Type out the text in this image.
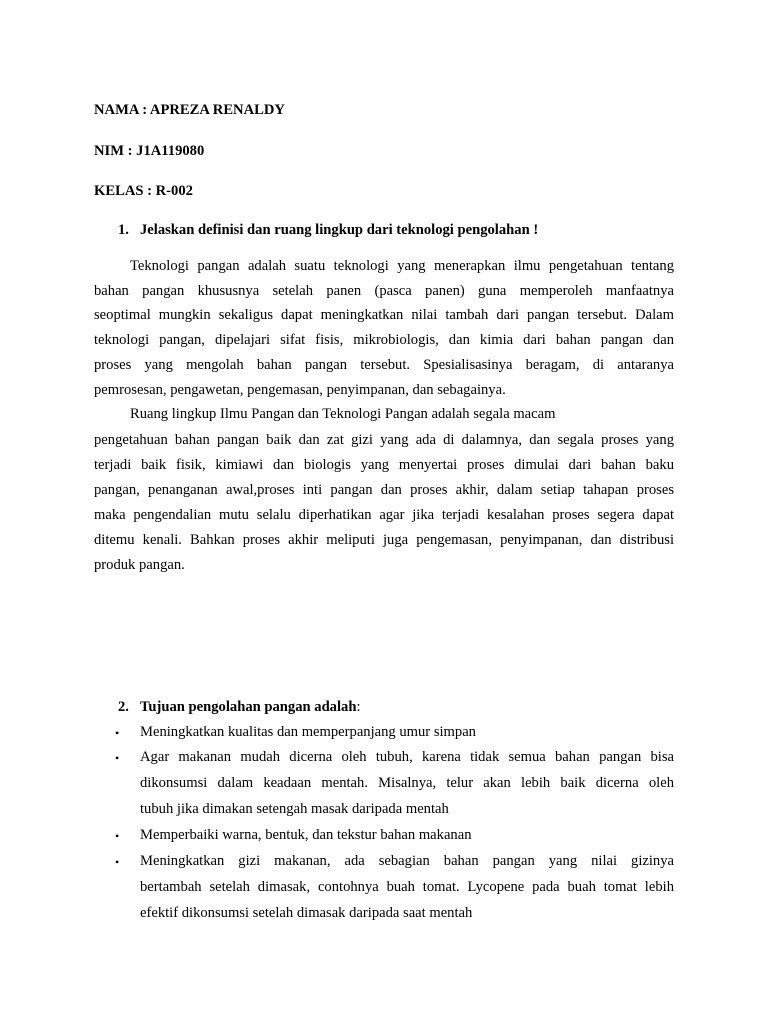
NAMA : APREZA RENALDY
NIM : J1A119080
KELAS : R-002
1. Jelaskan definisi dan ruang lingkup dari teknologi pengolahan !
Teknologi pangan adalah suatu teknologi yang menerapkan ilmu pengetahuan tentang
bahan pangan khususnya setelah panen (pasca panen) guna memperoleh manfaatnya
seoptimal mungkin sekaligus dapat meningkatkan nilai tambah dari pangan tersebut. Dalam
teknologi pangan, dipelajari sifat fisis, mikrobiologis, dan kimia dari bahan pangan dan
proses yang mengolah bahan pangan tersebut. Spesialisasinya beragam, di antaranya
pemrosesan, pengawetan, pengemasan, penyimpanan, dan sebagainya.
Ruang lingkup Ilmu Pangan dan Teknologi Pangan adalah segala macam
pengetahuan bahan pangan baik dan zat gizi yang ada di dalamnya, dan segala proses yang
terjadi baik fisik, kimiawi dan biologis yang menyertai proses dimulai dari bahan baku
pangan, penanganan awal,proses inti pangan dan proses akhir, dalam setiap tahapan proses
maka pengendalian mutu selalu diperhatikan agar jika terjadi kesalahan proses segera dapat
ditemu kenali. Bahkan proses akhir meliputi juga pengemasan, penyimpanan, dan distribusi
produk pangan.
2. Tujuan pengolahan pangan adalah:
• Meningkatkan kualitas dan memperpanjang umur simpan
• Agar makanan mudah dicerna oleh tubuh, karena tidak semua bahan pangan bisa
dikonsumsi dalam keadaan mentah. Misalnya, telur akan lebih baik dicerna oleh
tubuh jika dimakan setengah masak daripada mentah
• Memperbaiki warna, bentuk, dan tekstur bahan makanan
• Meningkatkan gizi makanan, ada sebagian bahan pangan yang nilai gizinya
bertambah setelah dimasak, contohnya buah tomat. Lycopene pada buah tomat lebih
efektif dikonsumsi setelah dimasak daripada saat mentah
